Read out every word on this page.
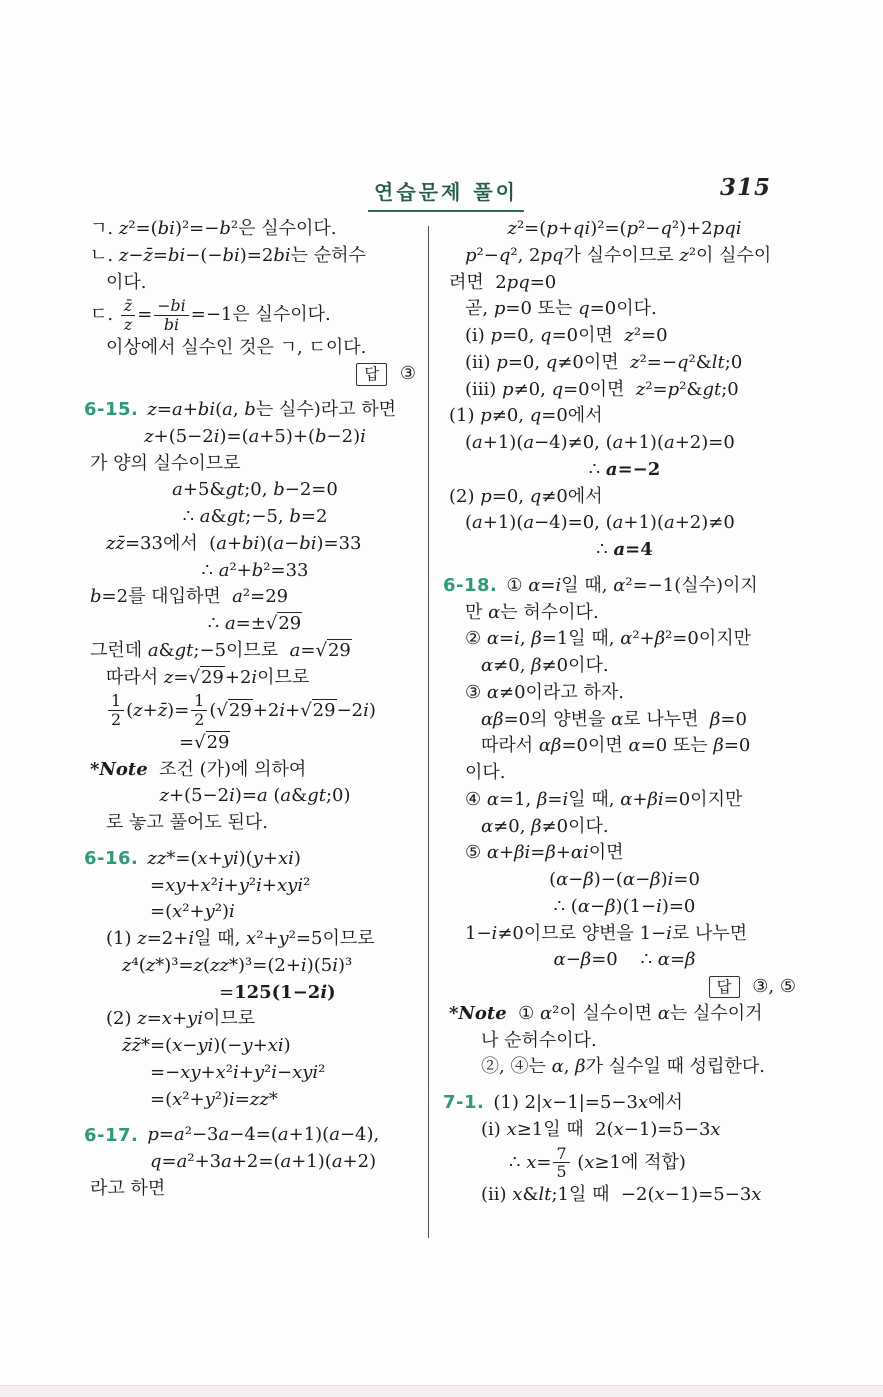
연습문제 풀이	315
ㄱ. z²=(bi)²=−b²은 실수이다.
ㄴ. z−z̄=bi−(−bi)=2bi는 순허수
이다.
ㄷ. $\frac{z̄}{z} = \frac{-bi}{bi} =-1$은 실수이다.
이상에서 실수인 것은 ㄱ, ㄷ이다.
답 ③
6-15. z=a+bi(a, b는 실수)라고 하면
z+(5−2i)=(a+5)+(b−2)i
가 양의 실수이므로
a+5&gt;0, b−2=0
∴ a&gt;−5, b=2
zz̄=33에서  (a+bi)(a−bi)=33
∴ a²+b²=33
b=2를 대입하면  a²=29
∴ a=±√29
그런데 a&gt;−5이므로  a=√29
따라서 z=√29+2i이므로
$\frac{1}{2}$ (z+z̄)= $\frac{1}{2} (√29+2i+√29-2i)$
=√29
*Note  조건 (가)에 의하여
z+(5−2i)=a (a&gt;0)
로 놓고 풀어도 된다.
6-16. zz*=(x+yi)(y+xi)
=xy+x²i+y²i+xyi²
=(x²+y²)i
(1) z=2+i일 때, x²+y²=5이므로
z⁴(z*)³=z(zz*)³=(2+i)(5i)³
=125(1−2i)
(2) z=x+yi이므로
z̄z̄*=(x−yi)(−y+xi)
=−xy+x²i+y²i−xyi²
=(x²+y²)i=zz*
6-17. p=a²−3a−4=(a+1)(a−4),
q=a²+3a+2=(a+1)(a+2)
라고 하면
z²=(p+qi)²=(p²−q²)+2pqi
p²−q², 2pq가 실수이므로 z²이 실수이
려면  2pq=0
곧, p=0 또는 q=0이다.
(ⅰ) p=0, q=0이면  z²=0
(ⅱ) p=0, q≠0이면  z²=−q²&lt;0
(ⅲ) p≠0, q=0이면  z²=p²&gt;0
(1) p≠0, q=0에서
(a+1)(a−4)≠0, (a+1)(a+2)=0
∴ a=−2
(2) p=0, q≠0에서
(a+1)(a−4)=0, (a+1)(a+2)≠0
∴ a=4
6-18. ① α=i일 때, α²=−1(실수)이지
만 α는 허수이다.
② α=i, β=1일 때, α²+β²=0이지만
α≠0, β≠0이다.
③ α≠0이라고 하자.
αβ=0의 양변을 α로 나누면  β=0
따라서 αβ=0이면 α=0 또는 β=0
이다.
④ α=1, β=i일 때, α+βi=0이지만
α≠0, β≠0이다.
⑤ α+βi=β+αi이면
(α−β)−(α−β)i=0
∴ (α−β)(1−i)=0
1−i≠0이므로 양변을 1−i로 나누면
α−β=0    ∴ α=β
답 ③, ⑤
*Note  ① α²이 실수이면 α는 실수이거
나 순허수이다.
②, ④는 α, β가 실수일 때 성립한다.
7-1. (1) 2|x−1|=5−3x에서
(ⅰ) x≥1일 때  2(x−1)=5−3x
∴ $x= \frac{7}{5} (x\ge 1$에 적합)
(ⅱ) x&lt;1일 때  −2(x−1)=5−3x
